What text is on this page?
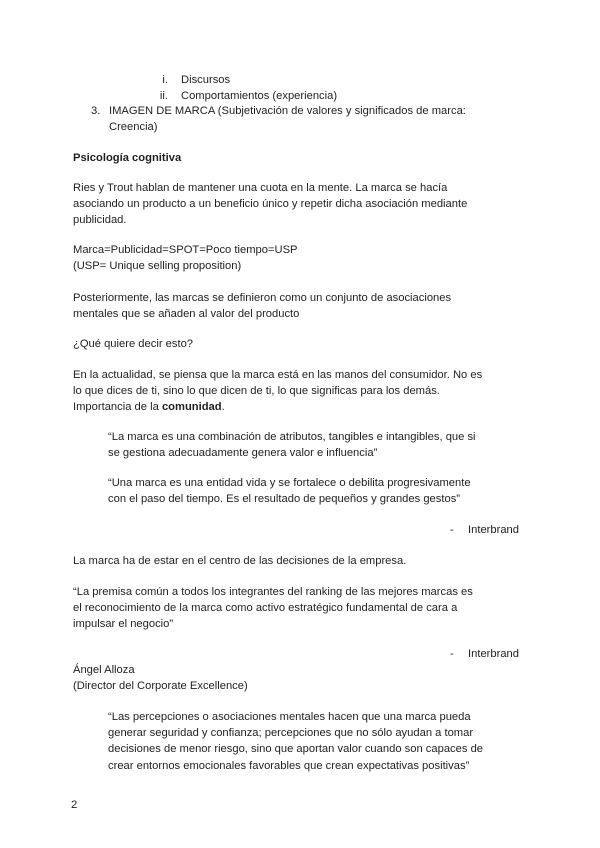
i. Discursos
ii. Comportamientos (experiencia)
3. IMAGEN DE MARCA (Subjetivación de valores y significados de marca:
Creencia)
Psicología cognitiva
Ries y Trout hablan de mantener una cuota en la mente. La marca se hacía
asociando un producto a un beneficio único y repetir dicha asociación mediante
publicidad.
Marca=Publicidad=SPOT=Poco tiempo=USP
(USP= Unique selling proposition)
Posteriormente, las marcas se definieron como un conjunto de asociaciones
mentales que se añaden al valor del producto
¿Qué quiere decir esto?
En la actualidad, se piensa que la marca está en las manos del consumidor. No es
lo que dices de ti, sino lo que dicen de ti, lo que significas para los demás.
Importancia de la comunidad.
“La marca es una combinación de atributos, tangibles e intangibles, que si
se gestiona adecuadamente genera valor e influencia”
“Una marca es una entidad vida y se fortalece o debilita progresivamente
con el paso del tiempo. Es el resultado de pequeños y grandes gestos”
- Interbrand
La marca ha de estar en el centro de las decisiones de la empresa.
“La premisa común a todos los integrantes del ranking de las mejores marcas es
el reconocimiento de la marca como activo estratégico fundamental de cara a
impulsar el negocio”
- Interbrand
Ángel Alloza
(Director del Corporate Excellence)
“Las percepciones o asociaciones mentales hacen que una marca pueda
generar seguridad y confianza; percepciones que no sólo ayudan a tomar
decisiones de menor riesgo, sino que aportan valor cuando son capaces de
crear entornos emocionales favorables que crean expectativas positivas”
2
